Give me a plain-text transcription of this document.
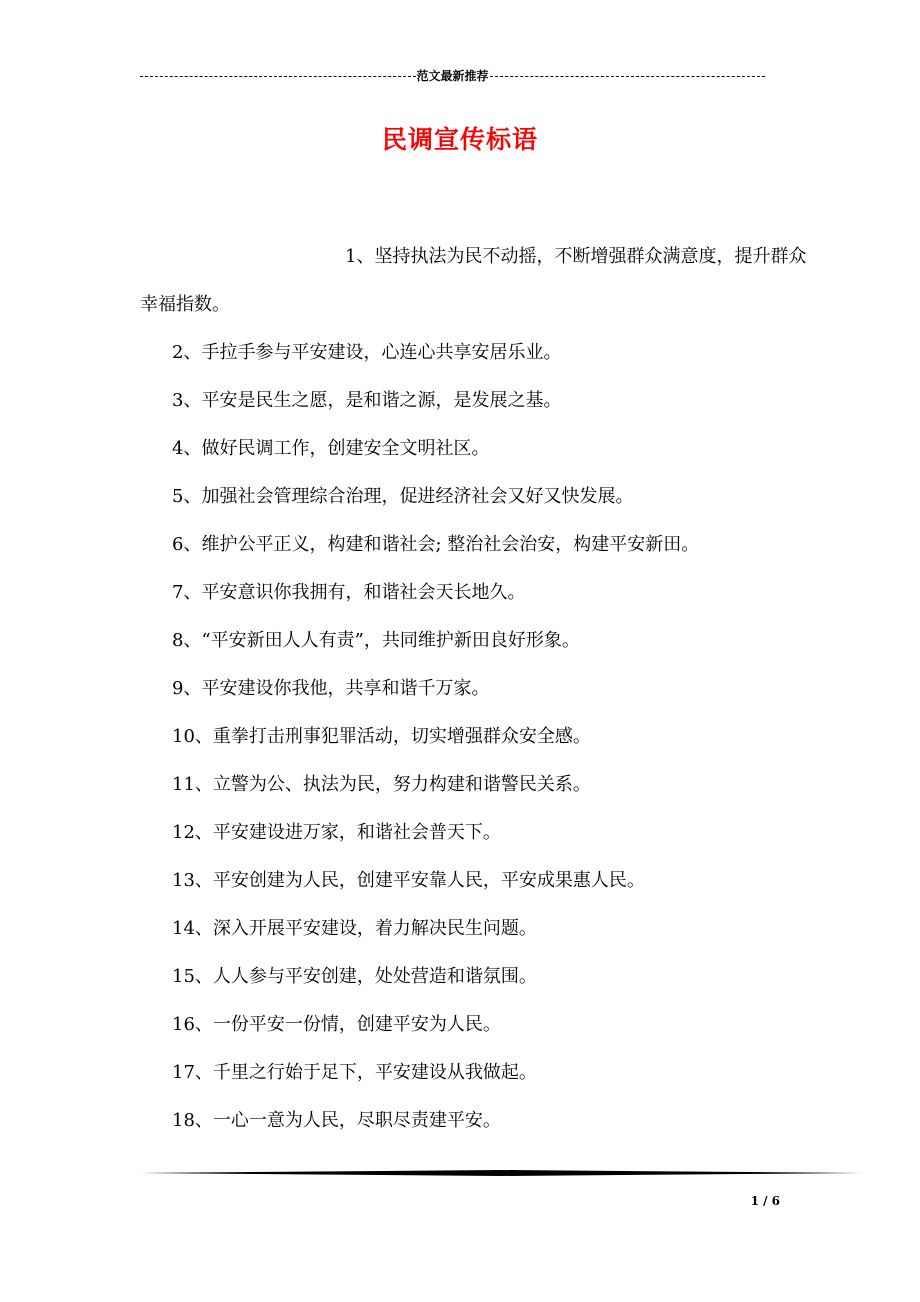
范文最新推荐
民调宣传标语
1、坚持执法为民不动摇，不断增强群众满意度，提升群众幸福指数。
2、手拉手参与平安建设，心连心共享安居乐业。
3、平安是民生之愿，是和谐之源，是发展之基。
4、做好民调工作，创建安全文明社区。
5、加强社会管理综合治理，促进经济社会又好又快发展。
6、维护公平正义，构建和谐社会; 整治社会治安，构建平安新田。
7、平安意识你我拥有，和谐社会天长地久。
8、“平安新田人人有责”，共同维护新田良好形象。
9、平安建设你我他，共享和谐千万家。
10、重拳打击刑事犯罪活动，切实增强群众安全感。
11、立警为公、执法为民，努力构建和谐警民关系。
12、平安建设进万家，和谐社会普天下。
13、平安创建为人民，创建平安靠人民，平安成果惠人民。
14、深入开展平安建设，着力解决民生问题。
15、人人参与平安创建，处处营造和谐氛围。
16、一份平安一份情，创建平安为人民。
17、千里之行始于足下，平安建设从我做起。
18、一心一意为人民，尽职尽责建平安。
1 / 6
